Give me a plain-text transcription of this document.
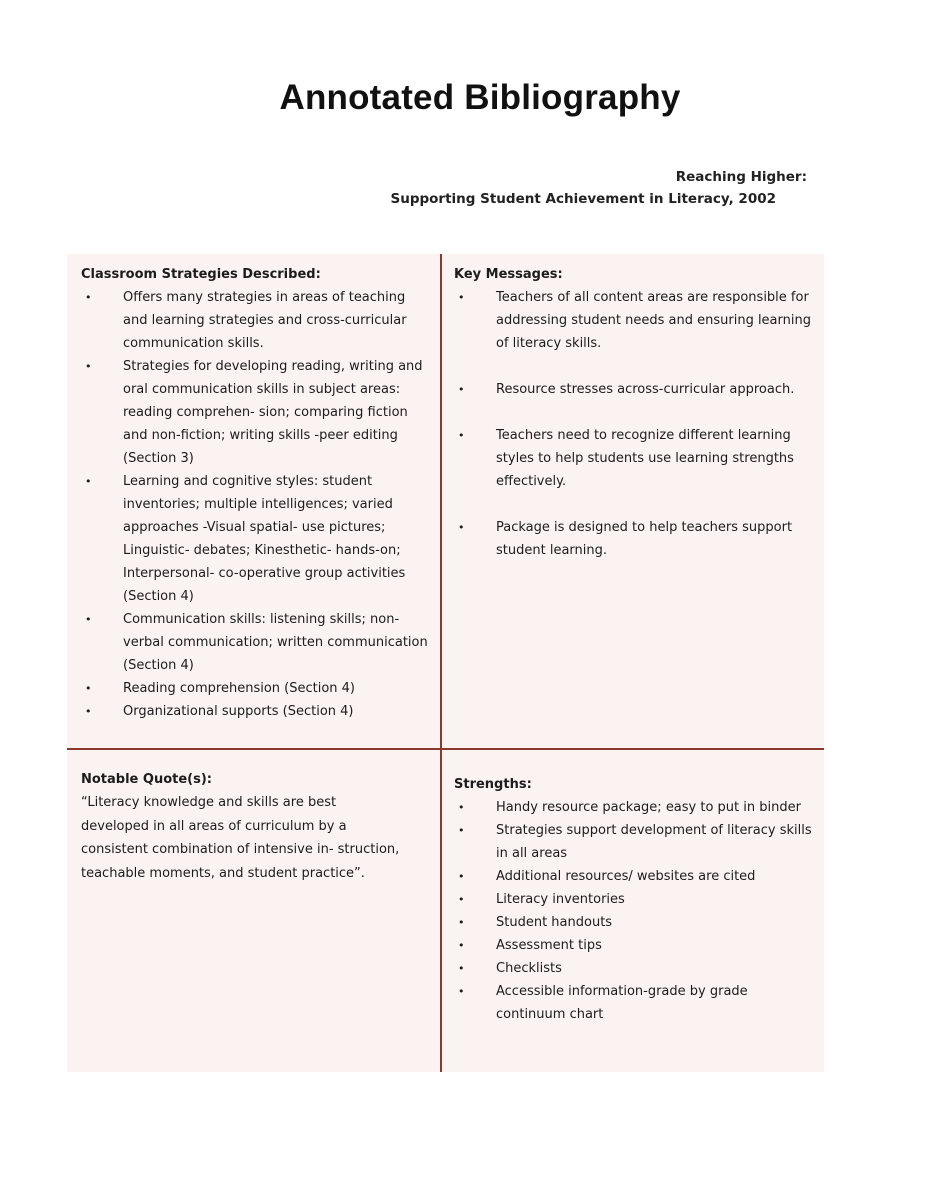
Annotated Bibliography
Reaching Higher:
Supporting Student Achievement in Literacy, 2002

Classroom Strategies Described:

• Offers many strategies in areas of teaching and learning strategies and cross-curricular communication skills.
• Strategies for developing reading, writing and oral communication skills in subject areas: reading comprehen- sion; comparing fiction and non-fiction; writing skills -peer editing (Section 3)
• Learning and cognitive styles: student inventories; multiple intelligences; varied approaches -Visual spatial- use pictures; Linguistic- debates; Kinesthetic- hands-on; Interpersonal- co-operative group activities (Section 4)
• Communication skills: listening skills; non-verbal communication; written communication (Section 4)
• Reading comprehension (Section 4)
• Organizational supports (Section 4)

Key Messages:

• Teachers of all content areas are responsible for addressing student needs and ensuring learning of literacy skills.
• Resource stresses across-curricular approach.
• Teachers need to recognize different learning styles to help students use learning strengths effectively.
• Package is designed to help teachers support student learning.

Notable Quote(s):

“Literacy knowledge and skills are best developed in all areas of curriculum by a consistent combination of intensive in- struction, teachable moments, and student practice”.

Strengths:

• Handy resource package; easy to put in binder
• Strategies support development of literacy skills in all areas
• Additional resources/ websites are cited
• Literacy inventories
• Student handouts
• Assessment tips
• Checklists
• Accessible information-grade by grade continuum chart
